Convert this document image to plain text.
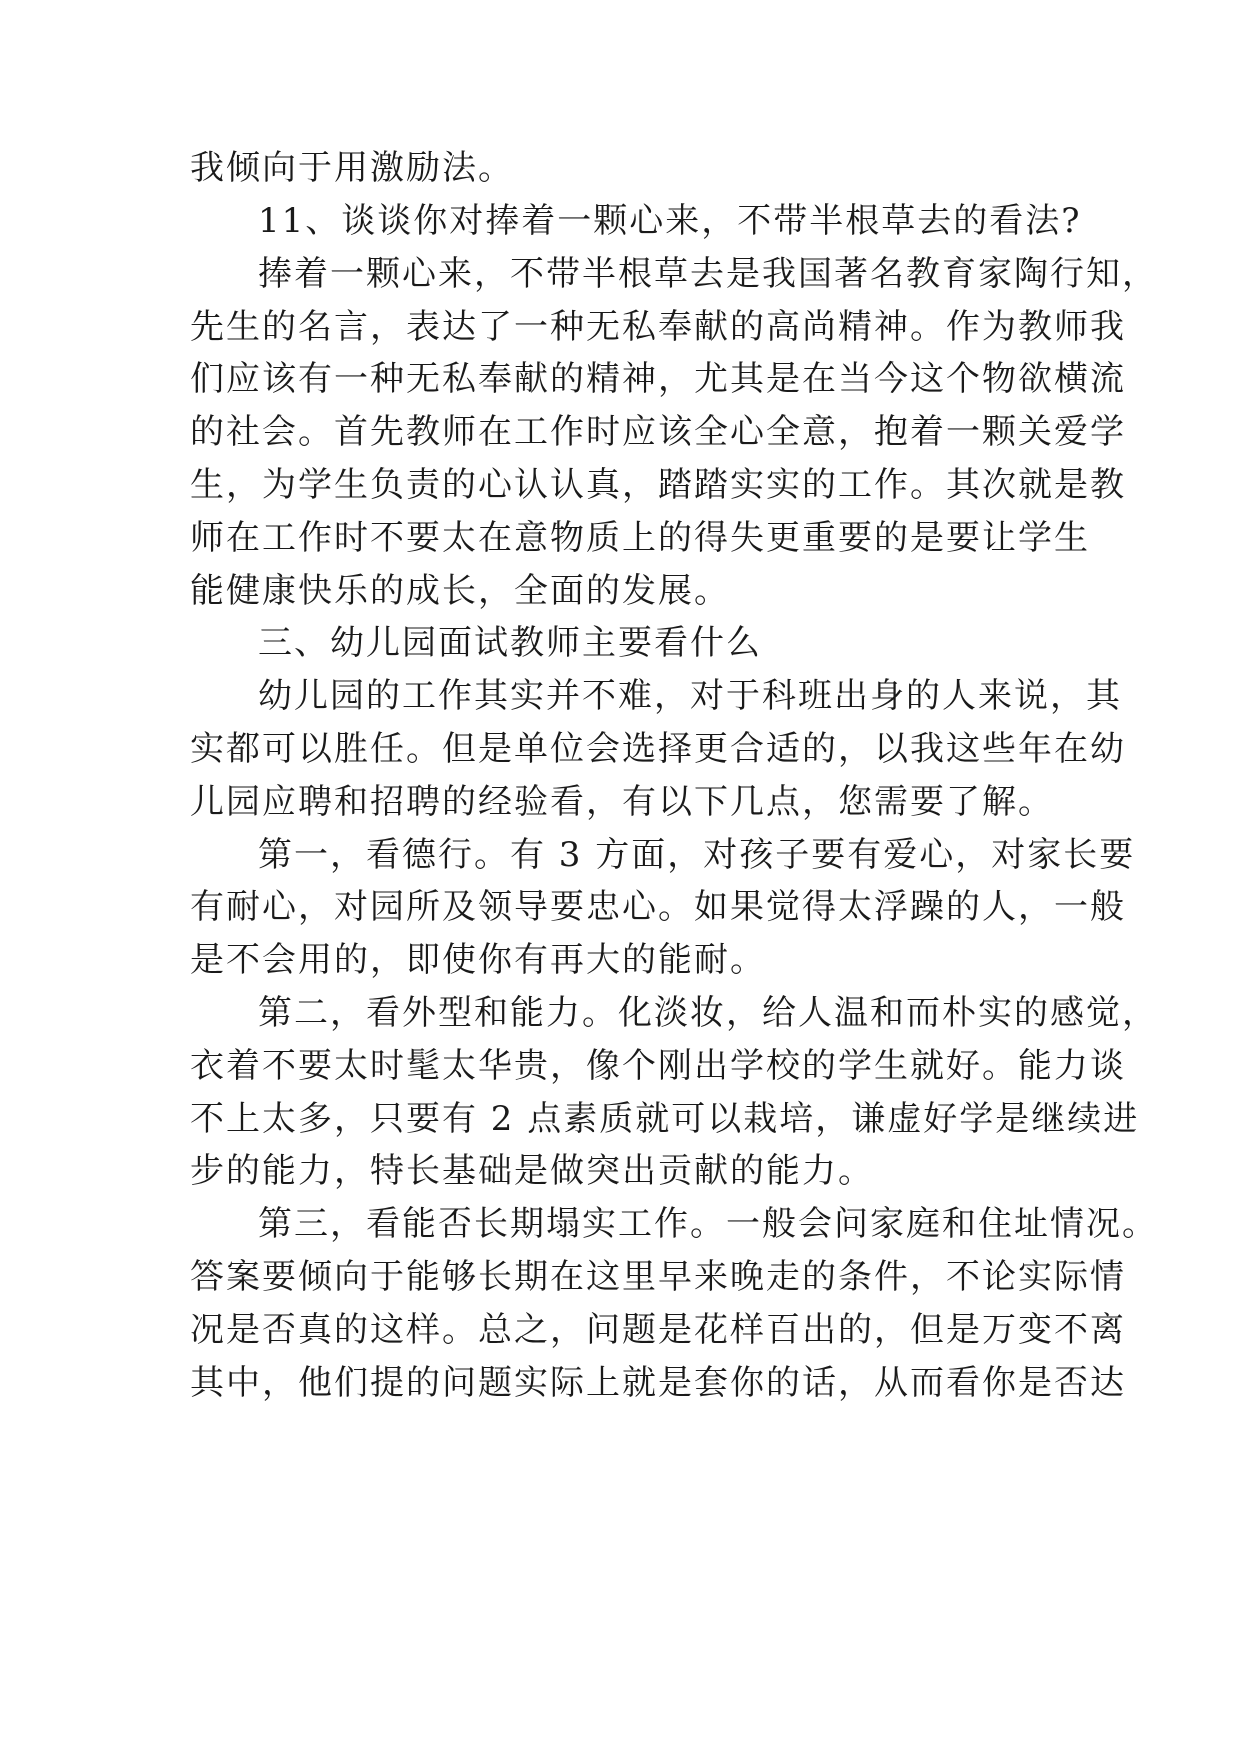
我倾向于用激励法。
11、谈谈你对捧着一颗心来，不带半根草去的看法?
捧着一颗心来，不带半根草去是我国著名教育家陶行知，
先生的名言，表达了一种无私奉献的高尚精神。作为教师我
们应该有一种无私奉献的精神，尤其是在当今这个物欲横流
的社会。首先教师在工作时应该全心全意，抱着一颗关爱学
生，为学生负责的心认认真，踏踏实实的工作。其次就是教
师在工作时不要太在意物质上的得失更重要的是要让学生
能健康快乐的成长，全面的发展。
三、幼儿园面试教师主要看什么
幼儿园的工作其实并不难，对于科班出身的人来说，其
实都可以胜任。但是单位会选择更合适的，以我这些年在幼
儿园应聘和招聘的经验看，有以下几点，您需要了解。
第一，看德行。有 3 方面，对孩子要有爱心，对家长要
有耐心，对园所及领导要忠心。如果觉得太浮躁的人，一般
是不会用的，即使你有再大的能耐。
第二，看外型和能力。化淡妆，给人温和而朴实的感觉，
衣着不要太时髦太华贵，像个刚出学校的学生就好。能力谈
不上太多，只要有 2 点素质就可以栽培，谦虚好学是继续进
步的能力，特长基础是做突出贡献的能力。
第三，看能否长期塌实工作。一般会问家庭和住址情况。
答案要倾向于能够长期在这里早来晚走的条件，不论实际情
况是否真的这样。总之，问题是花样百出的，但是万变不离
其中，他们提的问题实际上就是套你的话，从而看你是否达
